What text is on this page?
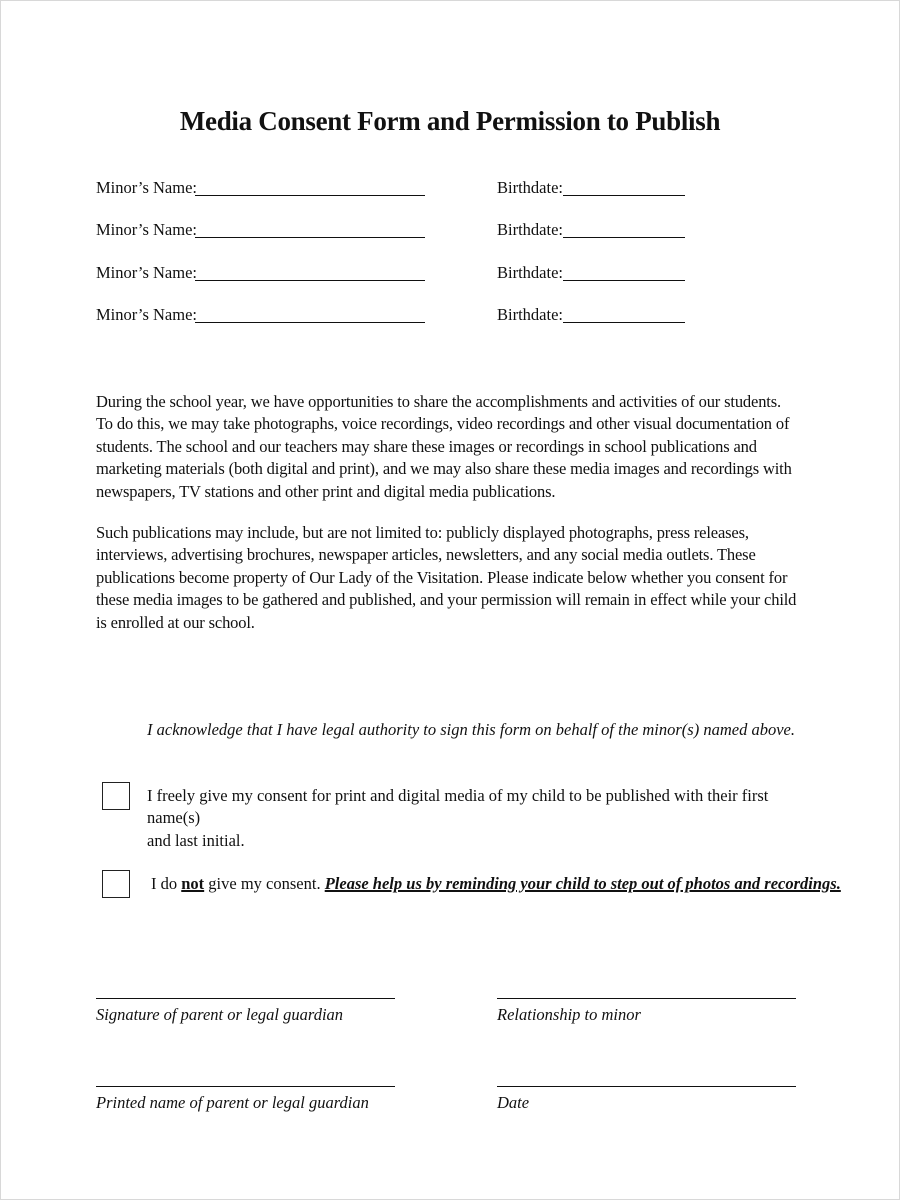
Media Consent Form and Permission to Publish
Minor’s Name:	Birthdate:
Minor’s Name:	Birthdate:
Minor’s Name:	Birthdate:
Minor’s Name:	Birthdate:
During the school year, we have opportunities to share the accomplishments and activities of our students. To do this, we may take photographs, voice recordings, video recordings and other visual documentation of students. The school and our teachers may share these images or recordings in school publications and marketing materials (both digital and print), and we may also share these media images and recordings with newspapers, TV stations and other print and digital media publications.
Such publications may include, but are not limited to: publicly displayed photographs, press releases, interviews, advertising brochures, newspaper articles, newsletters, and any social media outlets. These publications become property of Our Lady of the Visitation. Please indicate below whether you consent for these media images to be gathered and published, and your permission will remain in effect while your child is enrolled at our school.
I acknowledge that I have legal authority to sign this form on behalf of the minor(s) named above.
I freely give my consent for print and digital media of my child to be published with their first name(s)
and last initial.
I do not give my consent. Please help us by reminding your child to step out of photos and recordings.
Signature of parent or legal guardian	Relationship to minor
Printed name of parent or legal guardian	Date
